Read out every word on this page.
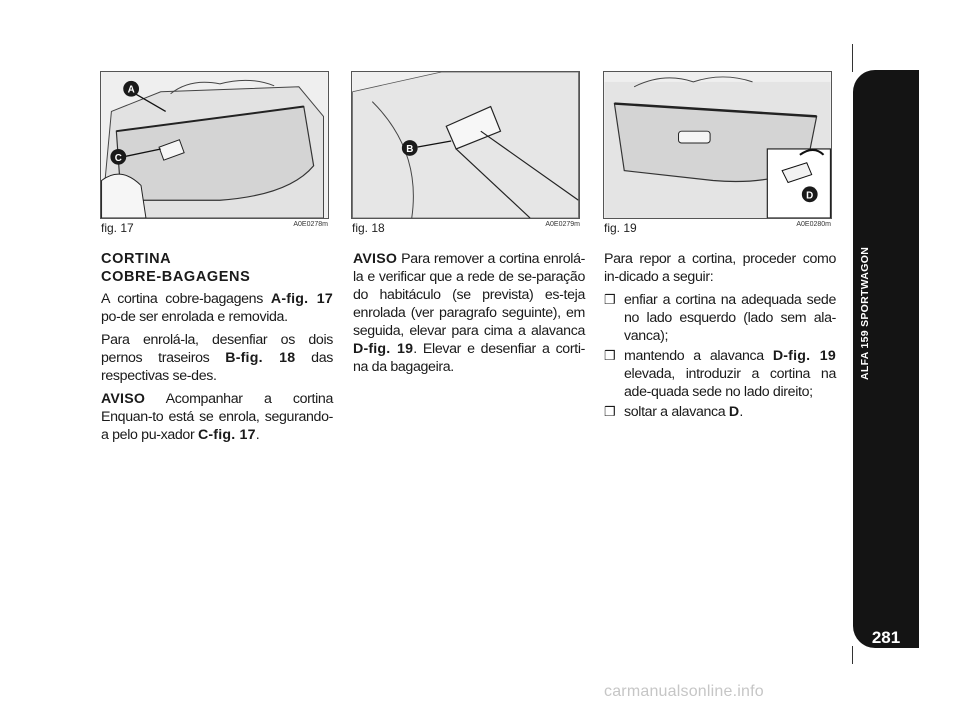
A
C
fig. 17	A0E0278m
B
fig. 18	A0E0279m
D
fig. 19	A0E0280m
CORTINA
COBRE-BAGAGENS

A cortina cobre-bagagens A-fig. 17 po-de ser enrolada e removida.

Para enrolá-la, desenfiar os dois pernos traseiros B-fig. 18 das respectivas se-des.

AVISO Acompanhar a cortina Enquan-to está se enrola, segurando-a pelo pu-xador C-fig. 17.

AVISO Para remover a cortina enrolá-la e verificar que a rede de se-paração do habitáculo (se prevista) es-teja enrolada (ver paragrafo seguinte), em seguida, elevar para cima a alavanca D-fig. 19. Elevar e desenfiar a corti-na da bagageira.

Para repor a cortina, proceder como in-dicado a seguir:

❒ enfiar a cortina na adequada sede no lado esquerdo (lado sem ala-vanca);
❒ mantendo a alavanca D-fig. 19 elevada, introduzir a cortina na ade-quada sede no lado direito;
❒ soltar a alavanca D.
ALFA 159 SPORTWAGON
281
carmanualsonline.info
